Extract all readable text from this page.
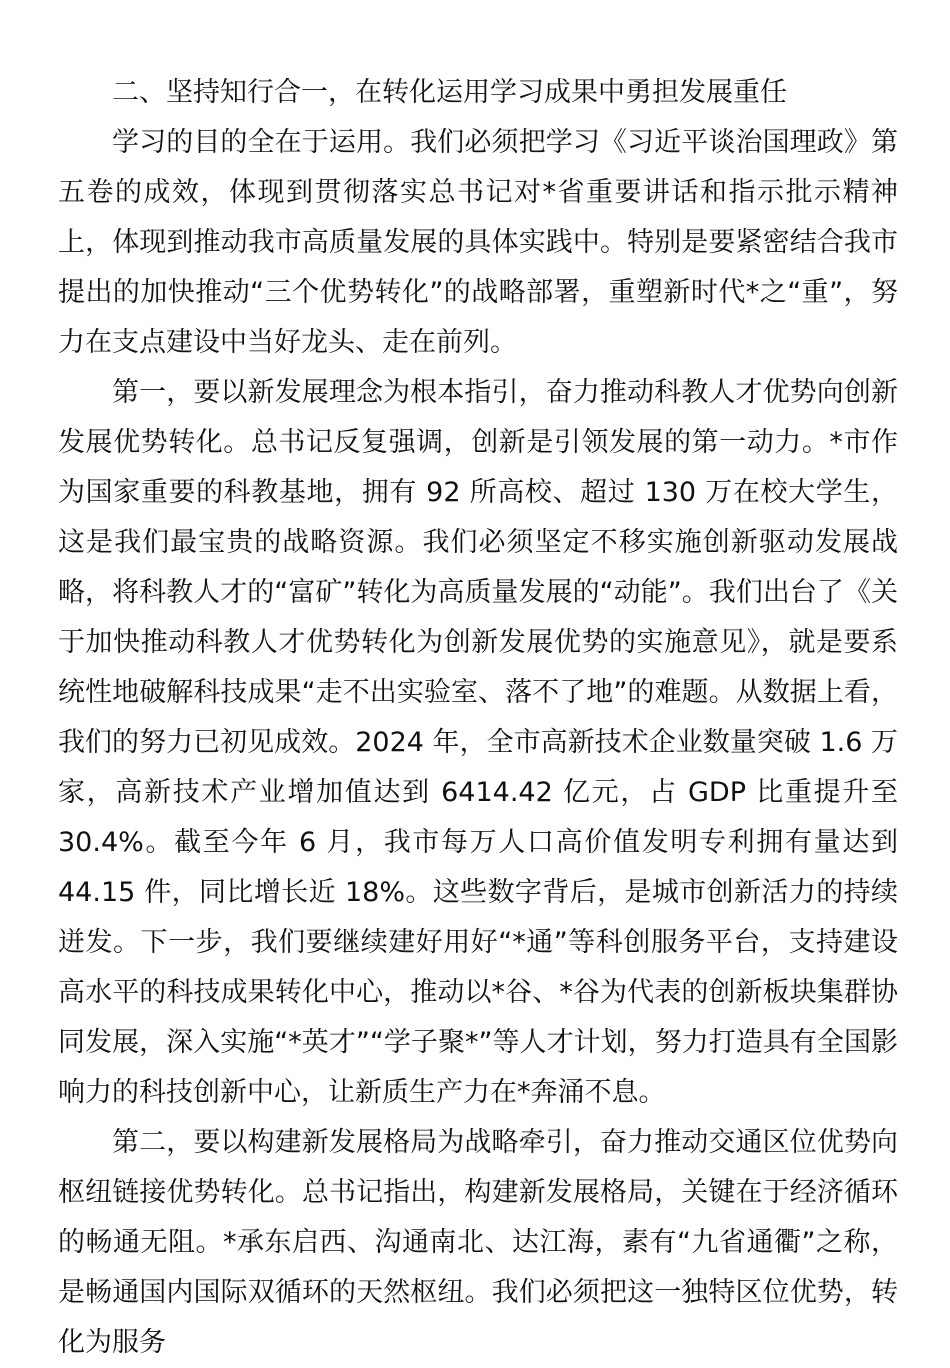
二、坚持知行合一，在转化运用学习成果中勇担发展重任

学习的目的全在于运用。我们必须把学习《习近平谈治国理政》第五卷的成效，体现到贯彻落实总书记对*省重要讲话和指示批示精神上，体现到推动我市高质量发展的具体实践中。特别是要紧密结合我市提出的加快推动“三个优势转化”的战略部署，重塑新时代*之“重”，努力在支点建设中当好龙头、走在前列。

第一，要以新发展理念为根本指引，奋力推动科教人才优势向创新发展优势转化。总书记反复强调，创新是引领发展的第一动力。*市作为国家重要的科教基地，拥有 92 所高校、超过 130 万在校大学生，这是我们最宝贵的战略资源。我们必须坚定不移实施创新驱动发展战略，将科教人才的“富矿”转化为高质量发展的“动能”。我们出台了《关于加快推动科教人才优势转化为创新发展优势的实施意见》，就是要系统性地破解科技成果“走不出实验室、落不了地”的难题。从数据上看，我们的努力已初见成效。2024 年，全市高新技术企业数量突破 1.6 万家，高新技术产业增加值达到 6414.42 亿元，占 GDP 比重提升至 30.4%。截至今年 6 月，我市每万人口高价值发明专利拥有量达到 44.15 件，同比增长近 18%。这些数字背后，是城市创新活力的持续迸发。下一步，我们要继续建好用好“*通”等科创服务平台，支持建设高水平的科技成果转化中心，推动以*谷、*谷为代表的创新板块集群协同发展，深入实施“*英才”“学子聚*”等人才计划，努力打造具有全国影响力的科技创新中心，让新质生产力在*奔涌不息。

第二，要以构建新发展格局为战略牵引，奋力推动交通区位优势向枢纽链接优势转化。总书记指出，构建新发展格局，关键在于经济循环的畅通无阻。*承东启西、沟通南北、达江海，素有“九省通衢”之称，是畅通国内国际双循环的天然枢纽。我们必须把这一独特区位优势，转化为服务
